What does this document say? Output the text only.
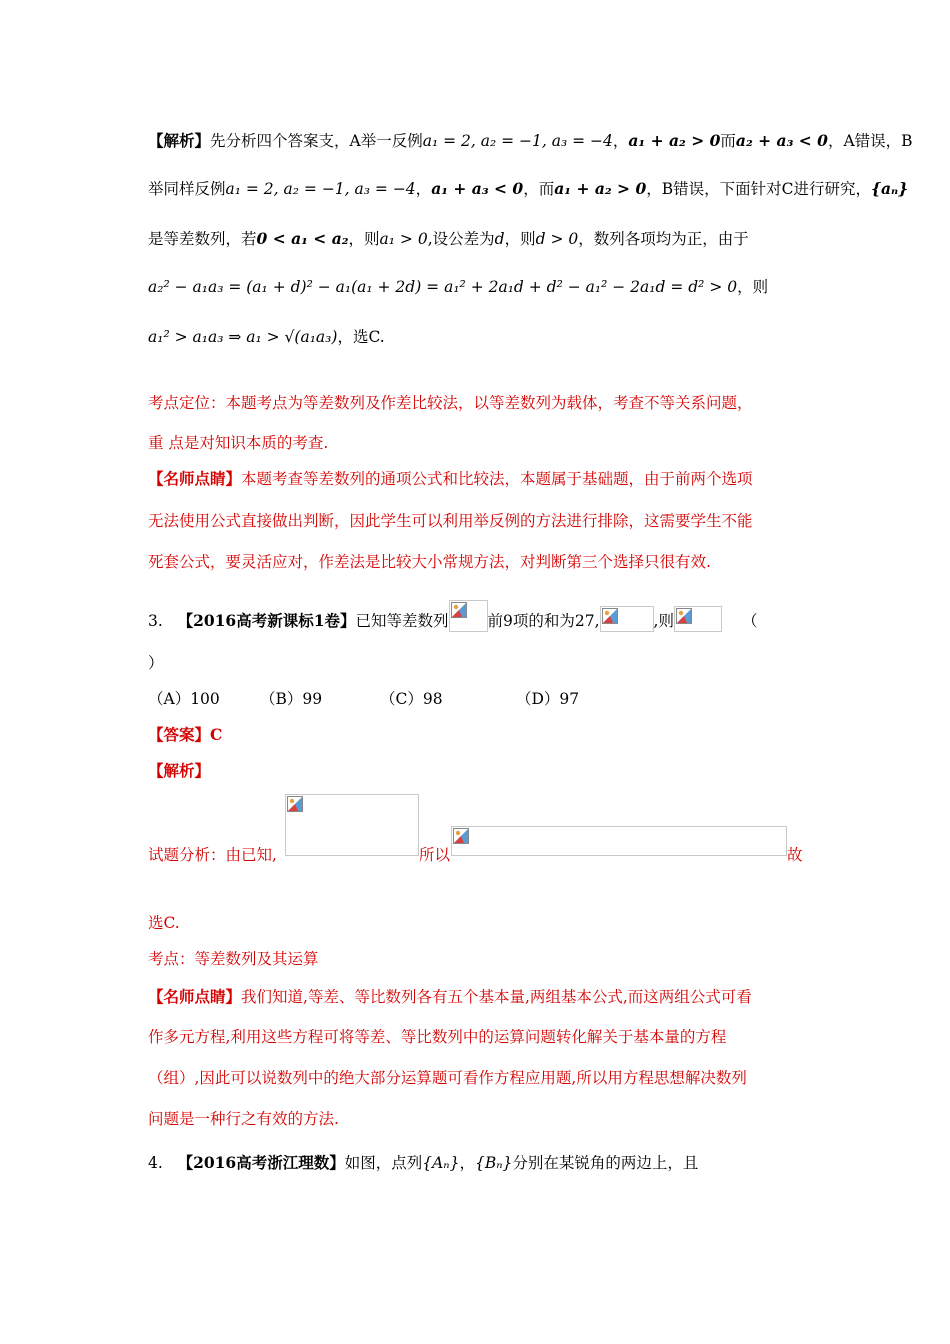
【解析】先分析四个答案支，A举一反例a₁ = 2, a₂ = −1, a₃ = −4，a₁ + a₂ > 0而a₂ + a₃ < 0，A错误，B
举同样反例a₁ = 2, a₂ = −1, a₃ = −4，a₁ + a₃ < 0，而a₁ + a₂ > 0，B错误，下面针对C进行研究，{aₙ}
是等差数列，若0 < a₁ < a₂，则a₁ > 0,设公差为d，则d > 0，数列各项均为正，由于
a₂² − a₁a₃ = (a₁ + d)² − a₁(a₁ + 2d) = a₁² + 2a₁d + d² − a₁² − 2a₁d = d² > 0，则
a₁² > a₁a₃ ⇒ a₁ > √(a₁a₃)，选C.
考点定位：本题考点为等差数列及作差比较法，以等差数列为载体，考查不等关系问题，
重 点是对知识本质的考查.
【名师点睛】本题考查等差数列的通项公式和比较法，本题属于基础题，由于前两个选项
无法使用公式直接做出判断，因此学生可以利用举反例的方法进行排除，这需要学生不能
死套公式，要灵活应对，作差法是比较大小常规方法，对判断第三个选择只很有效.
3. 【2016高考新课标1卷】已知等差数列	前9项的和为27,	,则	（
）
（A）100	（B）99	（C）98	（D）97
【答案】C
【解析】
试题分析：由已知,	所以	故
选C.
考点：等差数列及其运算
【名师点睛】我们知道,等差、等比数列各有五个基本量,两组基本公式,而这两组公式可看
作多元方程,利用这些方程可将等差、等比数列中的运算问题转化解关于基本量的方程
（组）,因此可以说数列中的绝大部分运算题可看作方程应用题,所以用方程思想解决数列
问题是一种行之有效的方法.
4. 【2016高考浙江理数】如图，点列{Aₙ}，{Bₙ}分别在某锐角的两边上，且
